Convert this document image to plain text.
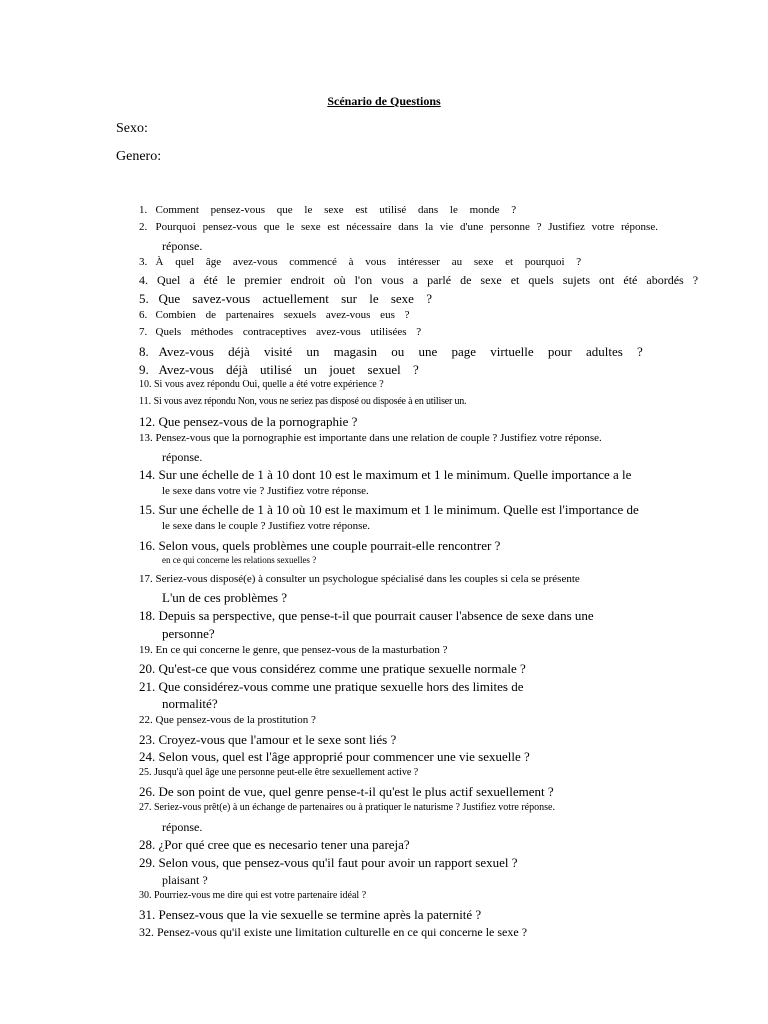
Scénario de Questions
Sexo:
Genero:
1. Comment pensez-vous que le sexe est utilisé dans le monde ?
2. Pourquoi pensez-vous que le sexe est nécessaire dans la vie d'une personne ? Justifiez votre réponse.
réponse.
3. À quel âge avez-vous commencé à vous intéresser au sexe et pourquoi ?
4. Quel a été le premier endroit où l'on vous a parlé de sexe et quels sujets ont été abordés ?
5. Que savez-vous actuellement sur le sexe ?
6. Combien de partenaires sexuels avez-vous eus ?
7. Quels méthodes contraceptives avez-vous utilisées ?
8. Avez-vous déjà visité un magasin ou une page virtuelle pour adultes ?
9. Avez-vous déjà utilisé un jouet sexuel ?
10. Si vous avez répondu Oui, quelle a été votre expérience ?
11. Si vous avez répondu Non, vous ne seriez pas disposé ou disposée à en utiliser un.
12. Que pensez-vous de la pornographie ?
13. Pensez-vous que la pornographie est importante dans une relation de couple ? Justifiez votre réponse.
réponse.
14. Sur une échelle de 1 à 10 dont 10 est le maximum et 1 le minimum. Quelle importance a le
le sexe dans votre vie ? Justifiez votre réponse.
15. Sur une échelle de 1 à 10 où 10 est le maximum et 1 le minimum. Quelle est l'importance de
le sexe dans le couple ? Justifiez votre réponse.
16. Selon vous, quels problèmes une couple pourrait-elle rencontrer ?
en ce qui concerne les relations sexuelles ?
17. Seriez-vous disposé(e) à consulter un psychologue spécialisé dans les couples si cela se présente
L'un de ces problèmes ?
18. Depuis sa perspective, que pense-t-il que pourrait causer l'absence de sexe dans une
personne?
19. En ce qui concerne le genre, que pensez-vous de la masturbation ?
20. Qu'est-ce que vous considérez comme une pratique sexuelle normale ?
21. Que considérez-vous comme une pratique sexuelle hors des limites de
normalité?
22. Que pensez-vous de la prostitution ?
23. Croyez-vous que l'amour et le sexe sont liés ?
24. Selon vous, quel est l'âge approprié pour commencer une vie sexuelle ?
25. Jusqu'à quel âge une personne peut-elle être sexuellement active ?
26. De son point de vue, quel genre pense-t-il qu'est le plus actif sexuellement ?
27. Seriez-vous prêt(e) à un échange de partenaires ou à pratiquer le naturisme ? Justifiez votre réponse.
réponse.
28. ¿Por qué cree que es necesario tener una pareja?
29. Selon vous, que pensez-vous qu'il faut pour avoir un rapport sexuel ?
plaisant ?
30. Pourriez-vous me dire qui est votre partenaire idéal ?
31. Pensez-vous que la vie sexuelle se termine après la paternité ?
32. Pensez-vous qu'il existe une limitation culturelle en ce qui concerne le sexe ?
